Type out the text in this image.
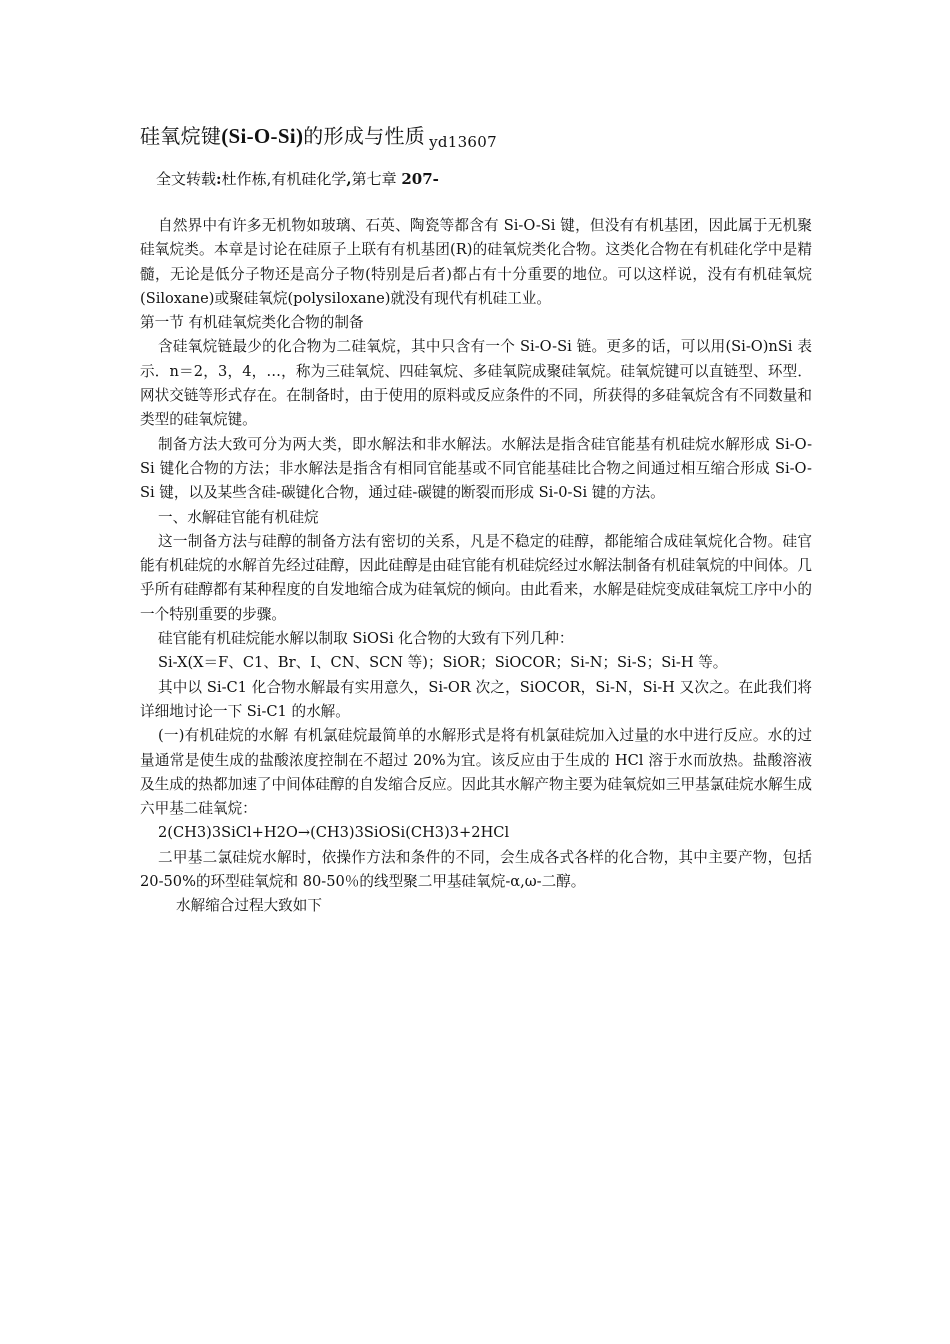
硅氧烷键(Si-O-Si)的形成与性质 $_{yd13607}$
全文转载:杜作栋,有机硅化学,第七章 207-

自然界中有许多无机物如玻璃、石英、陶瓷等都含有 Si-O-Si 键，但没有有机基团，因此属于无机聚硅氧烷类。本章是讨论在硅原子上联有有机基团(R)的硅氧烷类化合物。这类化合物在有机硅化学中是精髓，无论是低分子物还是高分子物(特别是后者)都占有十分重要的地位。可以这样说，没有有机硅氧烷(Siloxane)或聚硅氧烷(polysiloxane)就没有现代有机硅工业。

第一节 有机硅氧烷类化合物的制备

含硅氧烷链最少的化合物为二硅氧烷，其中只含有一个 Si-O-Si 链。更多的话，可以用(Si-O)nSi 表示．n＝2，3，4，…，称为三硅氧烷、四硅氧烷、多硅氧院成聚硅氧烷。硅氧烷键可以直链型、环型．网状交链等形式存在。在制备时，由于使用的原料或反应条件的不同，所获得的多硅氧烷含有不同数量和类型的硅氧烷键。

制备方法大致可分为两大类，即水解法和非水解法。水解法是指含硅官能基有机硅烷水解形成 Si-O-Si 键化合物的方法；非水解法是指含有相同官能基或不同官能基硅比合物之间通过相互缩合形成 Si-O-Si 键，以及某些含硅-碳键化合物，通过硅-碳键的断裂而形成 Si-0-Si 键的方法。

一、水解硅官能有机硅烷

这一制备方法与硅醇的制备方法有密切的关系，凡是不稳定的硅醇，都能缩合成硅氧烷化合物。硅官能有机硅烷的水解首先经过硅醇，因此硅醇是由硅官能有机硅烷经过水解法制备有机硅氧烷的中间体。几乎所有硅醇都有某种程度的自发地缩合成为硅氧烷的倾向。由此看来，水解是硅烷变成硅氧烷工序中小的一个特别重要的步骤。

硅官能有机硅烷能水解以制取 SiOSi 化合物的大致有下列几种：

Si-X(X＝F、C1、Br、I、CN、SCN 等)；SiOR；SiOCOR；Si-N；Si-S；Si-H 等。

其中以 Si-C1 化合物水解最有实用意久，Si-OR 次之，SiOCOR，Si-N，Si-H 又次之。在此我们将详细地讨论一下 Si-C1 的水解。

(一)有机硅烷的水解 有机氯硅烷最简单的水解形式是将有机氯硅烷加入过量的水中进行反应。水的过量通常是使生成的盐酸浓度控制在不超过 20%为宜。该反应由于生成的 HCl 溶于水而放热。盐酸溶液及生成的热都加速了中间体硅醇的自发缩合反应。因此其水解产物主要为硅氧烷如三甲基氯硅烷水解生成六甲基二硅氧烷：

2(CH3)3SiCl+H2O→(CH3)3SiOSi(CH3)3+2HCl

二甲基二氯硅烷水解时，依操作方法和条件的不同，会生成各式各样的化合物，其中主要产物，包括 20-50%的环型硅氧烷和 80-50％的线型聚二甲基硅氧烷-α,ω-二醇。

水解缩合过程大致如下
